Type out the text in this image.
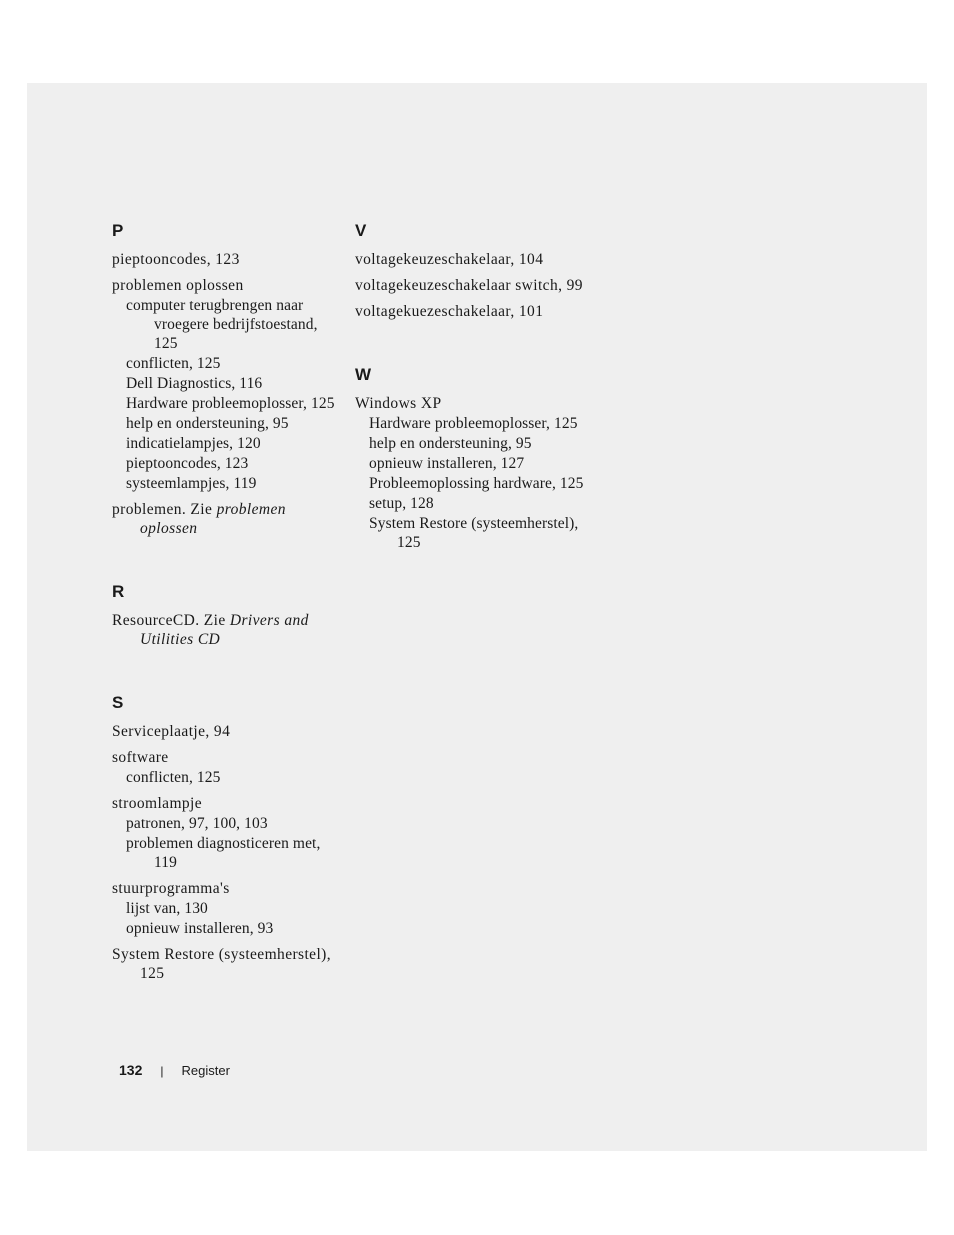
P
pieptooncodes, 123
problemen oplossen
computer terugbrengen naar vroegere bedrijfstoestand, 125
conflicten, 125
Dell Diagnostics, 116
Hardware probleemoplosser, 125
help en ondersteuning, 95
indicatielampjes, 120
pieptooncodes, 123
systeemlampjes, 119
problemen. Zie problemen oplossen
R
ResourceCD. Zie Drivers and Utilities CD
S
Serviceplaatje, 94
software
conflicten, 125
stroomlampje
patronen, 97, 100, 103
problemen diagnosticeren met, 119
stuurprogramma's
lijst van, 130
opnieuw installeren, 93
System Restore (systeemherstel), 125
V
voltagekeuzeschakelaar, 104
voltagekeuzeschakelaar switch, 99
voltagekuezeschakelaar, 101
W
Windows XP
Hardware probleemoplosser, 125
help en ondersteuning, 95
opnieuw installeren, 127
Probleemoplossing hardware, 125
setup, 128
System Restore (systeemherstel), 125
132 | Register
